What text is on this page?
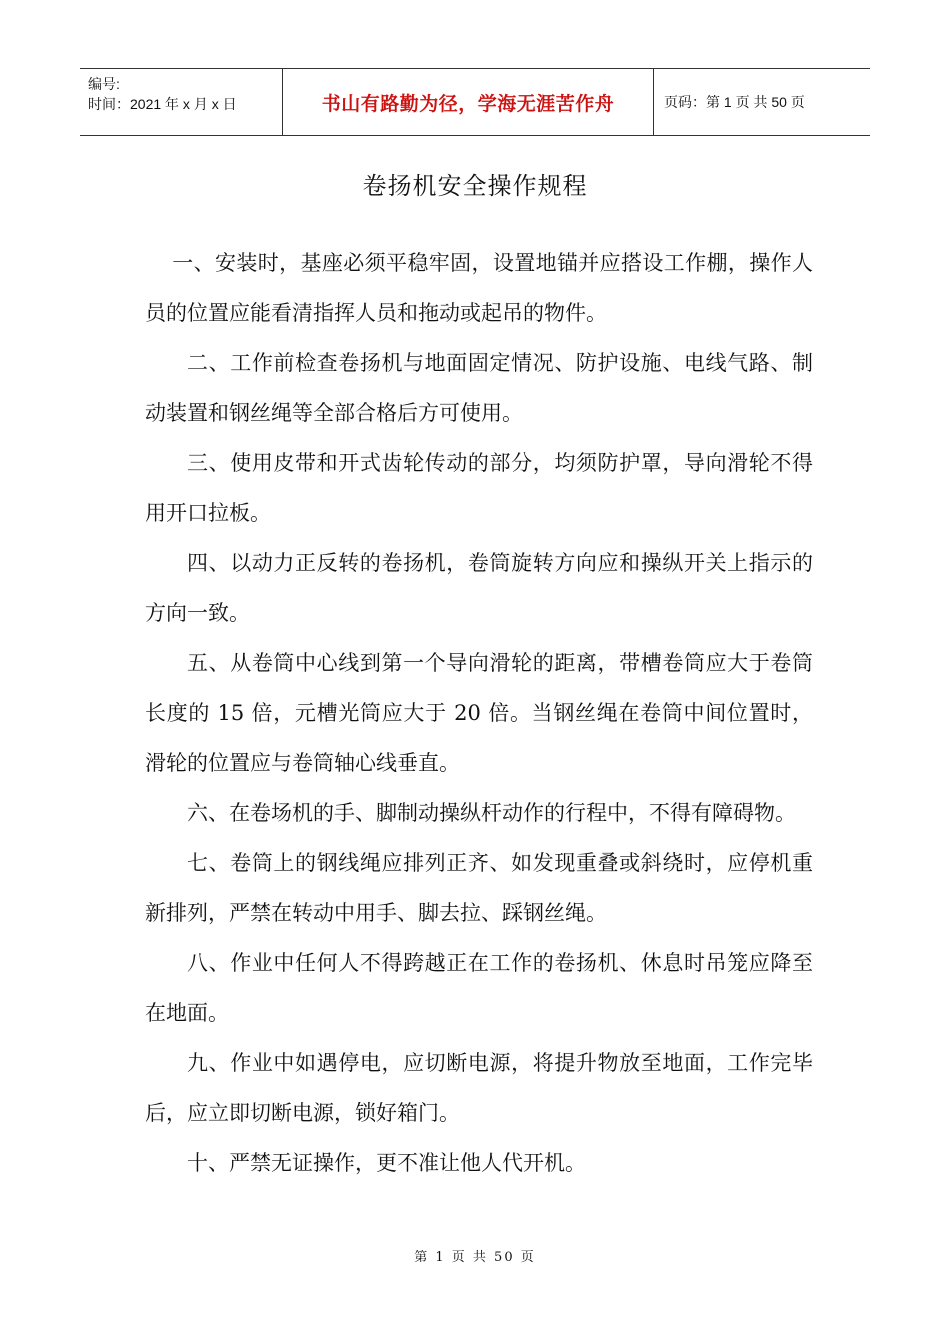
编号:
时间：2021 年 x 月 x 日	书山有路勤为径，学海无涯苦作舟	页码：第 1 页 共 50 页
卷扬机安全操作规程

一、安装时，基座必须平稳牢固，设置地锚并应搭设工作棚，操作人员的位置应能看清指挥人员和拖动或起吊的物件。

二、工作前检查卷扬机与地面固定情况、防护设施、电线气路、制动装置和钢丝绳等全部合格后方可使用。

三、使用皮带和开式齿轮传动的部分，均须防护罩，导向滑轮不得用开口拉板。

四、以动力正反转的卷扬机，卷筒旋转方向应和操纵开关上指示的方向一致。

五、从卷筒中心线到第一个导向滑轮的距离，带槽卷筒应大于卷筒长度的 15 倍，元槽光筒应大于 20 倍。当钢丝绳在卷筒中间位置时，滑轮的位置应与卷筒轴心线垂直。

六、在卷场机的手、脚制动操纵杆动作的行程中，不得有障碍物。

七、卷筒上的钢线绳应排列正齐、如发现重叠或斜绕时，应停机重新排列，严禁在转动中用手、脚去拉、踩钢丝绳。

八、作业中任何人不得跨越正在工作的卷扬机、休息时吊笼应降至在地面。

九、作业中如遇停电，应切断电源，将提升物放至地面，工作完毕后，应立即切断电源，锁好箱门。

十、严禁无证操作，更不准让他人代开机。

第 1 页 共 50 页
